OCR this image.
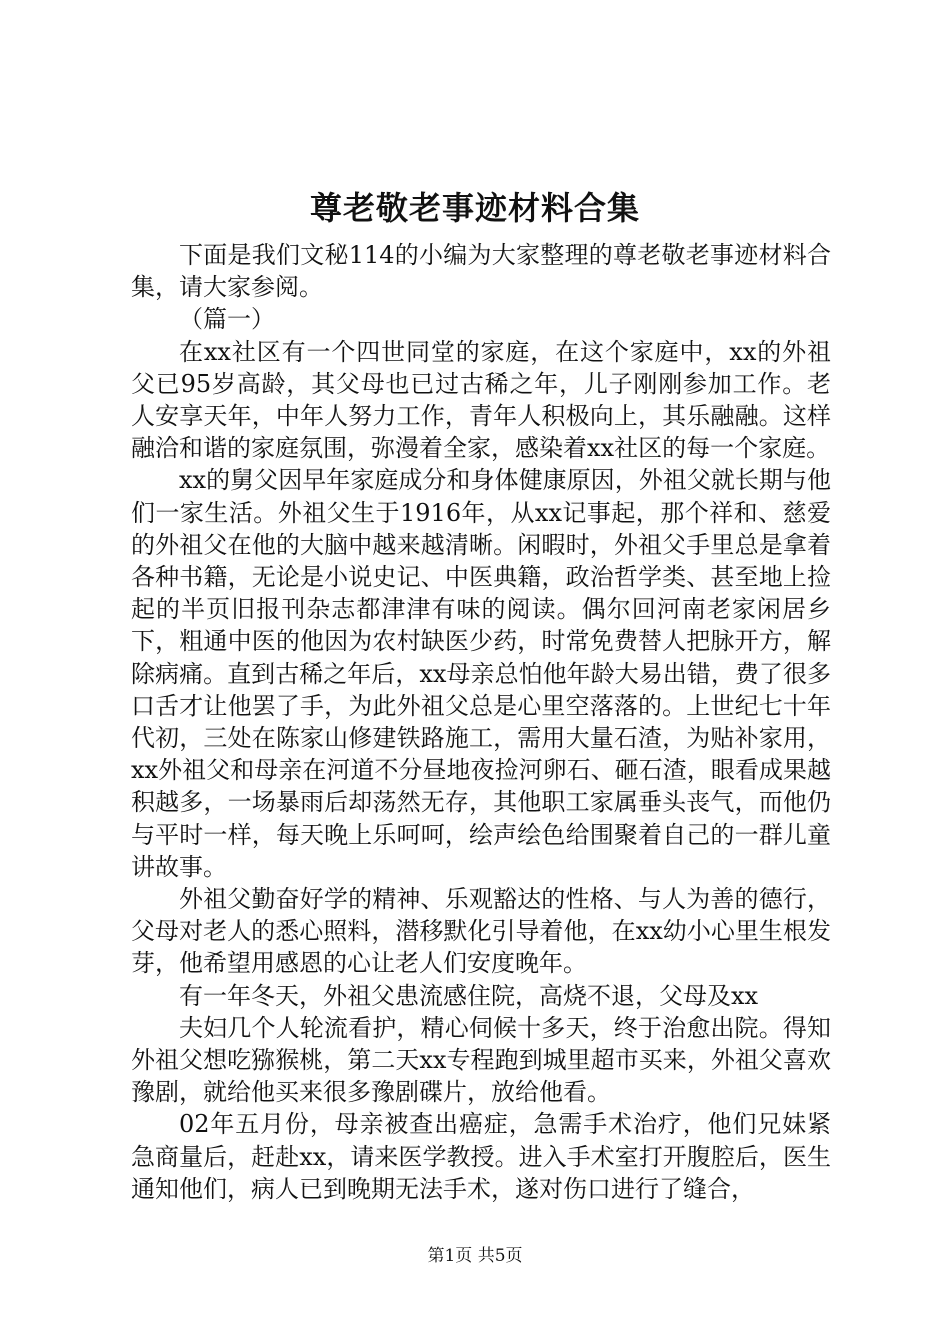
尊老敬老事迹材料合集

下面是我们文秘114的小编为大家整理的尊老敬老事迹材料合集，请大家参阅。

（篇一）

在xx社区有一个四世同堂的家庭，在这个家庭中，xx的外祖父已95岁高龄，其父母也已过古稀之年，儿子刚刚参加工作。老人安享天年，中年人努力工作，青年人积极向上，其乐融融。这样融洽和谐的家庭氛围，弥漫着全家，感染着xx社区的每一个家庭。

xx的舅父因早年家庭成分和身体健康原因，外祖父就长期与他们一家生活。外祖父生于1916年，从xx记事起，那个祥和、慈爱的外祖父在他的大脑中越来越清晰。闲暇时，外祖父手里总是拿着各种书籍，无论是小说史记、中医典籍，政治哲学类、甚至地上捡起的半页旧报刊杂志都津津有味的阅读。偶尔回河南老家闲居乡下，粗通中医的他因为农村缺医少药，时常免费替人把脉开方，解除病痛。直到古稀之年后，xx母亲总怕他年龄大易出错，费了很多口舌才让他罢了手，为此外祖父总是心里空落落的。上世纪七十年代初，三处在陈家山修建铁路施工，需用大量石渣，为贴补家用，xx外祖父和母亲在河道不分昼地夜捡河卵石、砸石渣，眼看成果越积越多，一场暴雨后却荡然无存，其他职工家属垂头丧气，而他仍与平时一样，每天晚上乐呵呵，绘声绘色给围聚着自己的一群儿童讲故事。

外祖父勤奋好学的精神、乐观豁达的性格、与人为善的德行，父母对老人的悉心照料，潜移默化引导着他，在xx幼小心里生根发芽，他希望用感恩的心让老人们安度晚年。

有一年冬天，外祖父患流感住院，高烧不退，父母及xx

夫妇几个人轮流看护，精心伺候十多天，终于治愈出院。得知外祖父想吃猕猴桃，第二天xx专程跑到城里超市买来，外祖父喜欢豫剧，就给他买来很多豫剧碟片，放给他看。

02年五月份，母亲被查出癌症，急需手术治疗，他们兄妹紧急商量后，赶赴xx，请来医学教授。进入手术室打开腹腔后，医生通知他们，病人已到晚期无法手术，遂对伤口进行了缝合，

第1页 共5页
